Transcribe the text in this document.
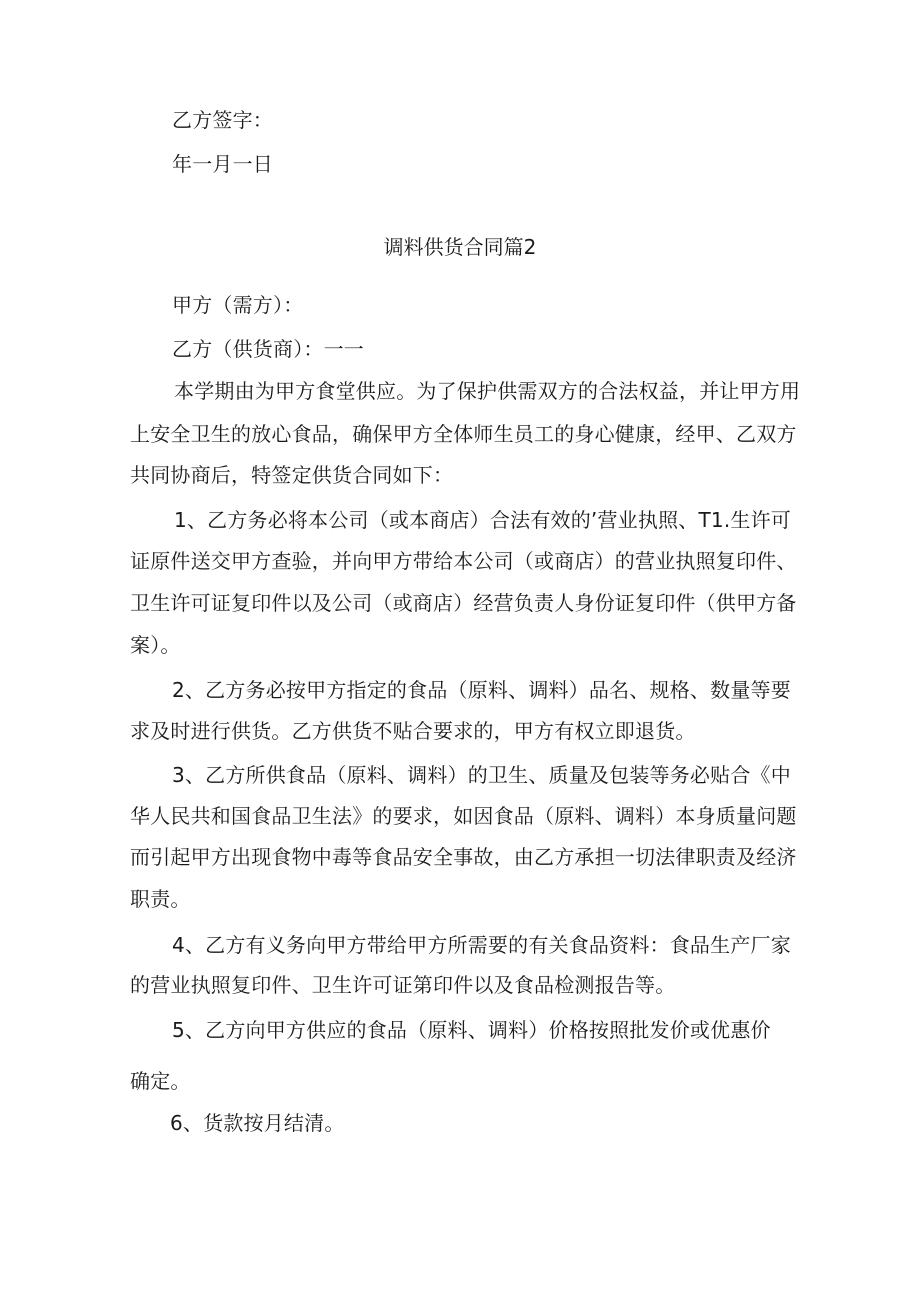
乙方签字：
年一月一日
调料供货合同篇2
甲方（需方）：
乙方（供货商）：一一
本学期由为甲方食堂供应。为了保护供需双方的合法权益，并让甲方用
上安全卫生的放心食品，确保甲方全体师生员工的身心健康，经甲、乙双方
共同协商后，特签定供货合同如下：
1、乙方务必将本公司（或本商店）合法有效的’营业执照、T1.生许可
证原件送交甲方查验，并向甲方带给本公司（或商店）的营业执照复印件、
卫生许可证复印件以及公司（或商店）经营负责人身份证复印件（供甲方备
案）。
2、乙方务必按甲方指定的食品（原料、调料）品名、规格、数量等要
求及时进行供货。乙方供货不贴合要求的，甲方有权立即退货。
3、乙方所供食品（原料、调料）的卫生、质量及包装等务必贴合《中
华人民共和国食品卫生法》的要求，如因食品（原料、调料）本身质量问题
而引起甲方出现食物中毒等食品安全事故，由乙方承担一切法律职责及经济
职责。
4、乙方有义务向甲方带给甲方所需要的有关食品资料：食品生产厂家
的营业执照复印件、卫生许可证第印件以及食品检测报告等。
5、乙方向甲方供应的食品（原料、调料）价格按照批发价或优惠价
确定。
6、货款按月结清。
